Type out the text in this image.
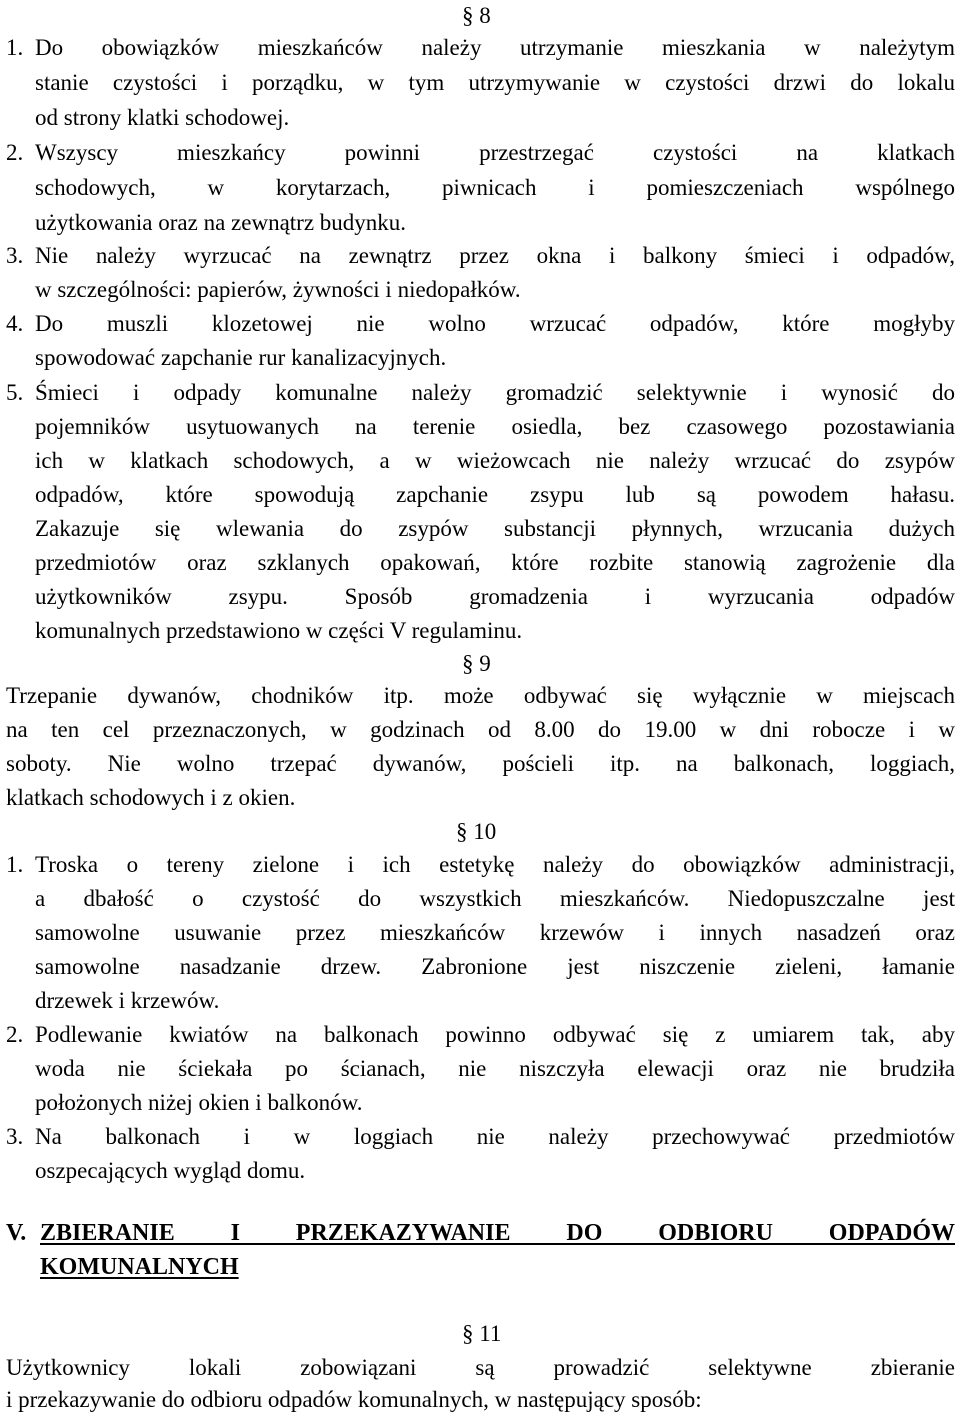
§ 8
1. Do obowiązków mieszkańców należy utrzymanie mieszkania w należytym
stanie czystości i porządku, w tym utrzymywanie w czystości drzwi do lokalu
od strony klatki schodowej.
2. Wszyscy mieszkańcy powinni przestrzegać czystości na klatkach
schodowych, w korytarzach, piwnicach i pomieszczeniach wspólnego
użytkowania oraz na zewnątrz budynku.
3. Nie należy wyrzucać na zewnątrz przez okna i balkony śmieci i odpadów,
w szczególności: papierów, żywności i niedopałków.
4. Do muszli klozetowej nie wolno wrzucać odpadów, które mogłyby
spowodować zapchanie rur kanalizacyjnych.
5. Śmieci i odpady komunalne należy gromadzić selektywnie i wynosić do
pojemników usytuowanych na terenie osiedla, bez czasowego pozostawiania
ich w klatkach schodowych, a w wieżowcach nie należy wrzucać do zsypów
odpadów, które spowodują zapchanie zsypu lub są powodem hałasu.
Zakazuje się wlewania do zsypów substancji płynnych, wrzucania dużych
przedmiotów oraz szklanych opakowań, które rozbite stanowią zagrożenie dla
użytkowników zsypu. Sposób gromadzenia i wyrzucania odpadów
komunalnych przedstawiono w części V regulaminu.
§ 9
Trzepanie dywanów, chodników itp. może odbywać się wyłącznie w miejscach
na ten cel przeznaczonych, w godzinach od 8.00 do 19.00 w dni robocze i w
soboty. Nie wolno trzepać dywanów, pościeli itp. na balkonach, loggiach,
klatkach schodowych i z okien.
§ 10
1. Troska o tereny zielone i ich estetykę należy do obowiązków administracji,
a dbałość o czystość do wszystkich mieszkańców. Niedopuszczalne jest
samowolne usuwanie przez mieszkańców krzewów i innych nasadzeń oraz
samowolne nasadzanie drzew. Zabronione jest niszczenie zieleni, łamanie
drzewek i krzewów.
2. Podlewanie kwiatów na balkonach powinno odbywać się z umiarem tak, aby
woda nie ściekała po ścianach, nie niszczyła elewacji oraz nie brudziła
położonych niżej okien i balkonów.
3. Na balkonach i w loggiach nie należy przechowywać przedmiotów
oszpecających wygląd domu.
V. ZBIERANIE I PRZEKAZYWANIE DO ODBIORU ODPADÓW
KOMUNALNYCH
§ 11
Użytkownicy lokali zobowiązani są prowadzić selektywne zbieranie
i przekazywanie do odbioru odpadów komunalnych, w następujący sposób:
